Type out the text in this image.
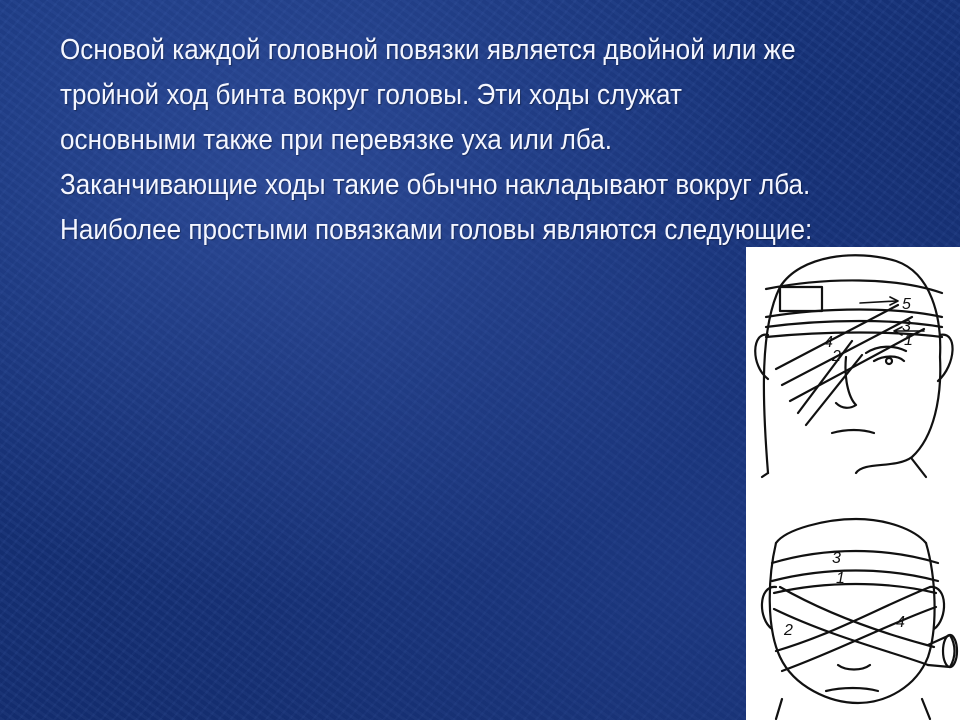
Основой каждой головной повязки является двойной или же тройной ход бинта вокруг головы. Эти ходы служат основными также при перевязке уха или лба.

Заканчивающие ходы такие обычно накладывают вокруг лба.

Наиболее простыми повязками головы являются следующие:

5
3
1
4
2
3
1
2	4
